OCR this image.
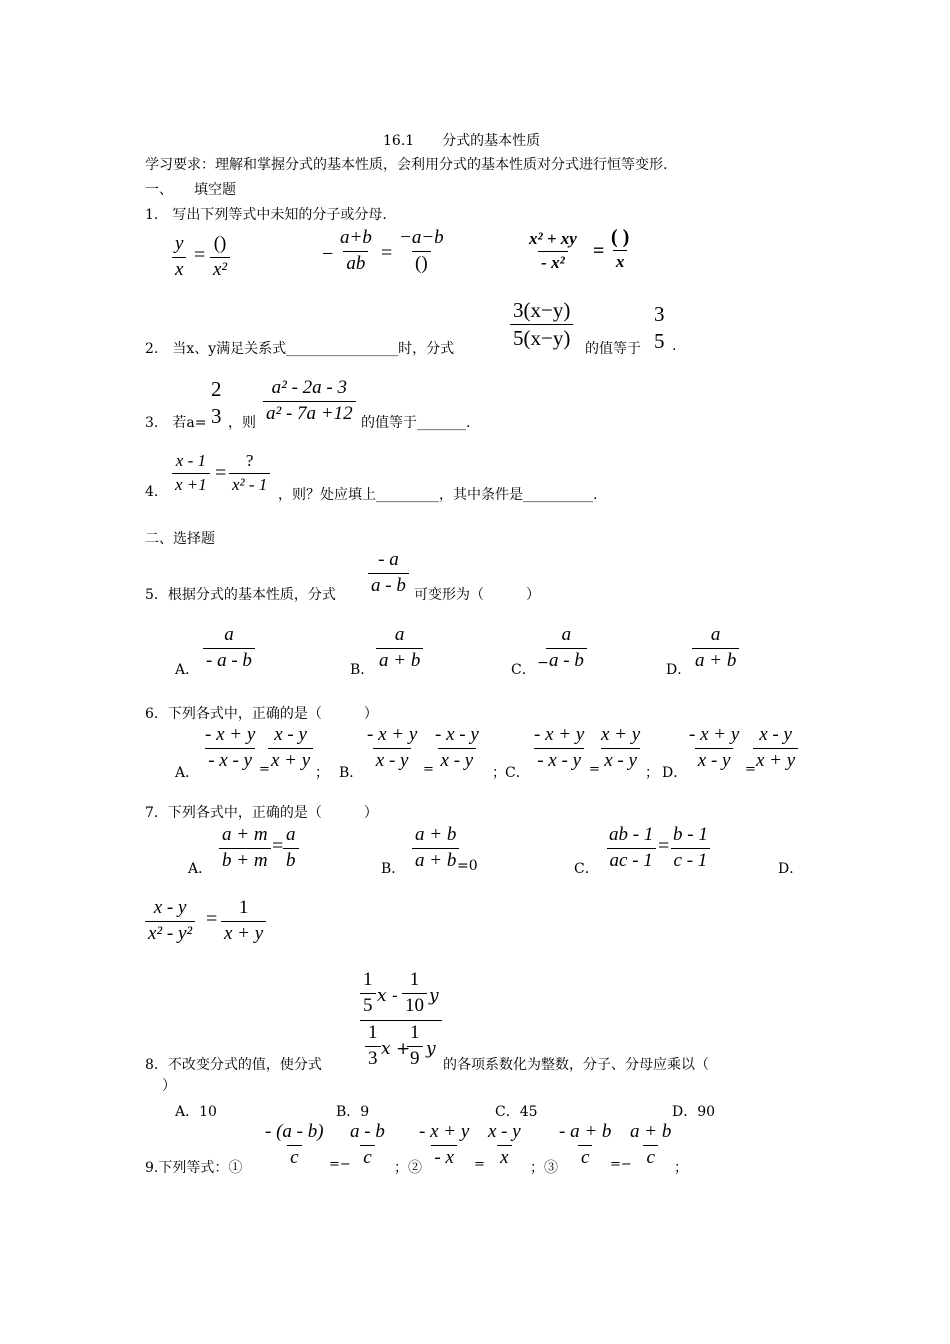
16.1　　分式的基本性质
学习要求：理解和掌握分式的基本性质，会利用分式的基本性质对分式进行恒等变形.
一、　　填空题
1.　写出下列等式中未知的分子或分母.
$\frac{y}{x}$ =
()
x²
− $\frac{a+b}{ab}$ =
−a−b
()	$\frac{\text{x² + xy}}{\text{- x²}}$ =
( )
x
2.　当x、y满足关系式________________时，分式	$\frac{3(x-y)}{5(x-y)}$ 的值等于
3
5 .
3.　若a=
2
3 ，则 $\frac{\text{a² - 2a - 3}}{\text{a² - 7a +12}}$ 的值等于_______.
4. $\frac{x - 1}{x +1}$ =
?
x² - 1
，则？处应填上_________，其中条件是__________.
二、选择题
5．根据分式的基本性质，分式 $\frac{- a}{a - b}$ 可变形为（　　　）
A． $\frac{a}{- a - b}$	B． $\frac{a}{a + b}$	C． −
$\frac{a}{a - b}$	D． $\frac{a}{a + b}$
6．下列各式中，正确的是（　　　）
A．
$\frac{- x + y}{- x - y}$ =
$\frac{x - y}{x + y}$
； B．
$\frac{- x + y}{x - y}$ =
$\frac{- x - y}{x - y}$
； C．
$\frac{- x + y}{- x - y}$ =
$\frac{x + y}{x - y}$
； D．
$\frac{- x + y}{x - y}$ =
$\frac{x - y}{x + y}$
7．下列各式中，正确的是（　　　）
A． $\frac{a + m}{b + m} = \frac{a}{b}$	B． $\frac{a + b}{a + b}$
=0	C． $\frac{ab - 1}{ac - 1} = \frac{b - 1}{c - 1}$	D．
$\frac{x - y}{\text{x² - y²}} = \frac{1}{x + y}$
8．不改变分式的值，使分式 $\frac{1}{5}$ x - $\frac{1}{10}$ y
$\frac{1}{3}$ x +
$\frac{1}{9}$ y 的各项系数化为整数，分子、分母应乘以（
）
A．10	B．9	C．45	D．90
9.下列等式：① $\frac{- (a - b)}{c}$ =−
$\frac{a - b}{c}$ ；②
$\frac{- x + y}{- x} = \frac{x - y}{x}$ ；③
$\frac{- a + b}{c}$
=−
$\frac{a + b}{c}$ ；
